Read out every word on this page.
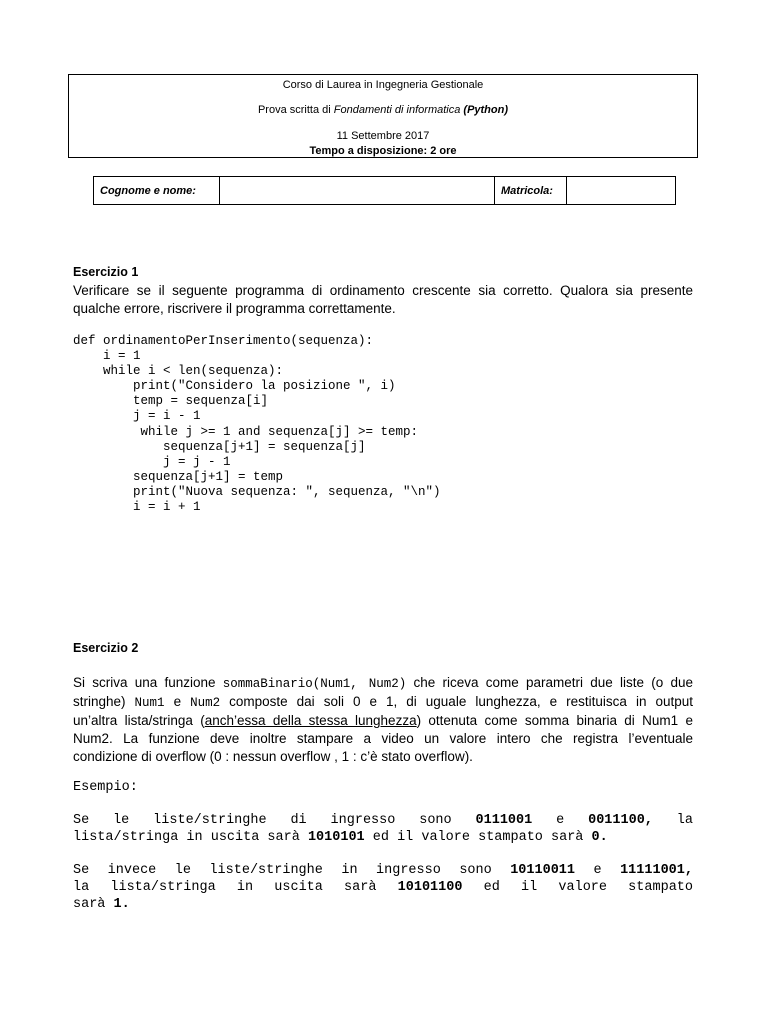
Corso di Laurea in Ingegneria Gestionale
Prova scritta di Fondamenti di informatica (Python)
11 Settembre 2017
Tempo a disposizione: 2 ore
Cognome e nome:		Matricola:	
Esercizio 1
Verificare se il seguente programma di ordinamento crescente sia corretto. Qualora sia presente
qualche errore, riscrivere il programma correttamente.
def ordinamentoPerInserimento(sequenza):
i = 1
while i < len(sequenza):
print("Considero la posizione ", i)
temp = sequenza[i]
j = i - 1
while j >= 1 and sequenza[j] >= temp:
sequenza[j+1] = sequenza[j]
j = j - 1
sequenza[j+1] = temp
print("Nuova sequenza: ", sequenza, "\n")
i = i + 1
Esercizio 2
Si scriva una funzione sommaBinario(Num1, Num2) che riceva come parametri due liste (o due
stringhe) Num1 e Num2 composte dai soli 0 e 1, di uguale lunghezza, e restituisca in output
un’altra lista/stringa (anch’essa della stessa lunghezza) ottenuta come somma binaria di Num1 e
Num2. La funzione deve inoltre stampare a video un valore intero che registra l’eventuale
condizione di overflow (0 : nessun overflow , 1 : c’è stato overflow).
Esempio:
Se le liste/stringhe di ingresso sono 0111001 e 0011100, la
lista/stringa in uscita sarà 1010101 ed il valore stampato sarà 0.
Se invece le liste/stringhe in ingresso sono 10110011 e 11111001,
la lista/stringa in uscita sarà 10101100 ed il valore stampato
sarà 1.
